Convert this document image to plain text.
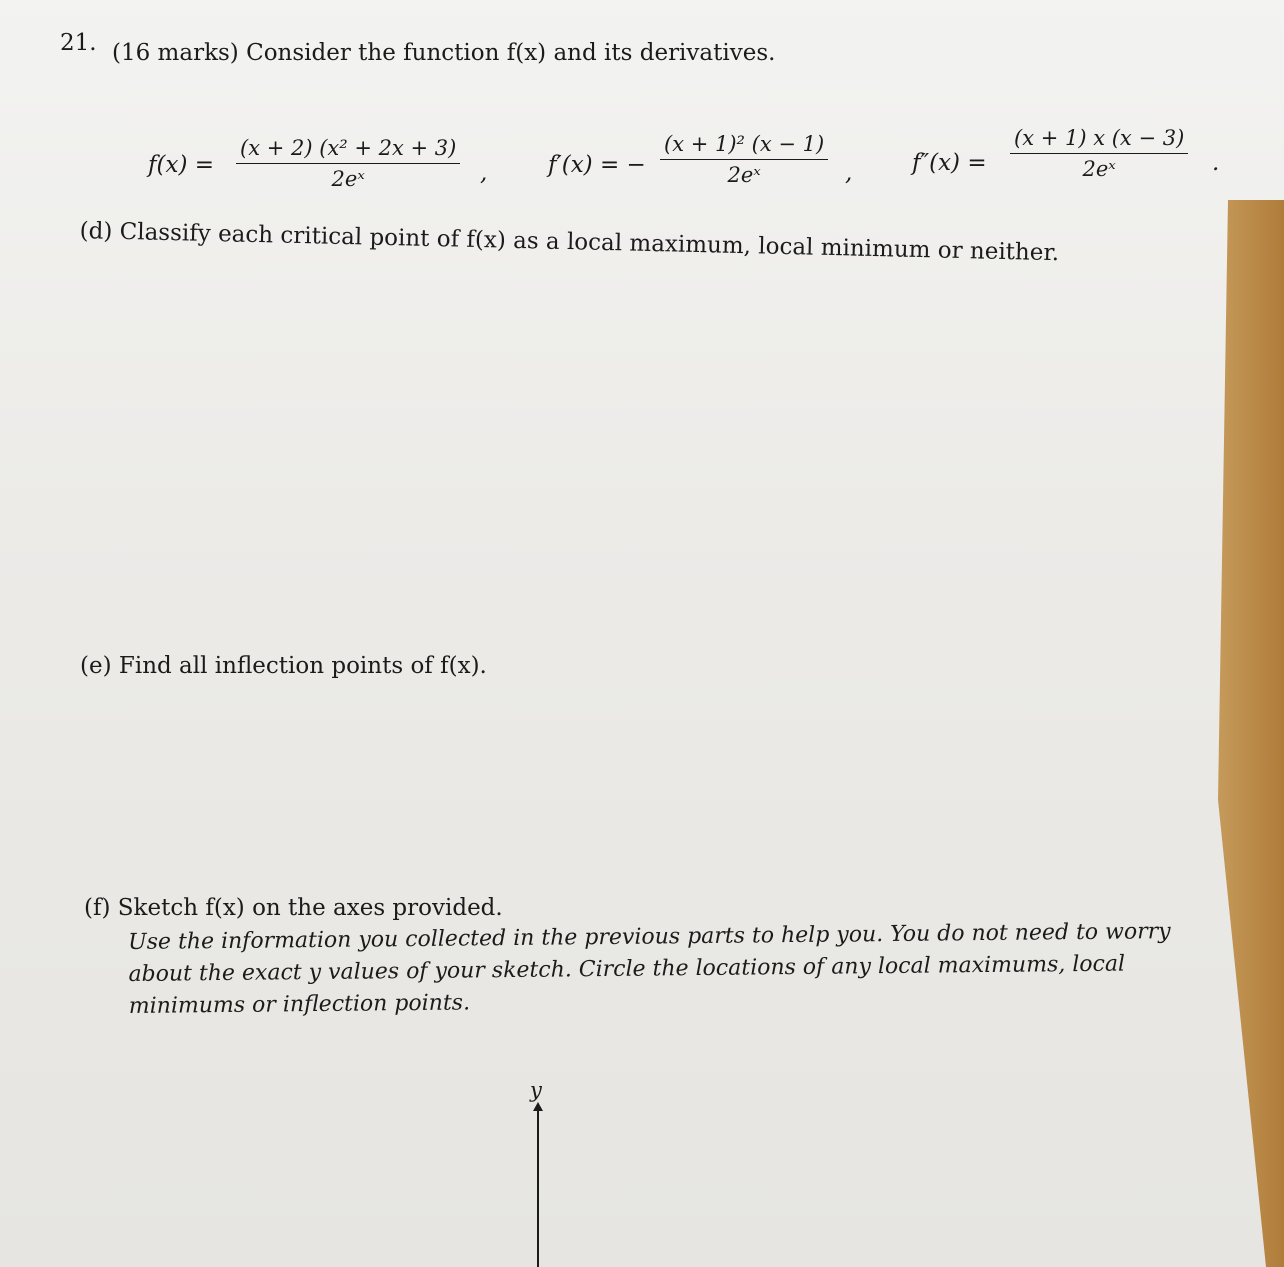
21. (16 marks) Consider the function f(x) and its derivatives.
$f(x) = \frac{\text{(x + 2) (x² + 2x + 3)}}{\text{2eˣ}}$ ,	f′(x) = − $\frac{\text{(x + 1)² (x − 1)}}{\text{2eˣ}}$ ,	$f''(x) = \frac{(x + 1) x (x - 3)}{\text{2eˣ}}$ .
(d) Classify each critical point of f(x) as a local maximum, local minimum or neither.
(e) Find all inflection points of f(x).
(f) Sketch f(x) on the axes provided.
Use the information you collected in the previous parts to help you. You do not need to worry about the exact y values of your sketch. Circle the locations of any local maximums, local minimums or inflection points.
y
